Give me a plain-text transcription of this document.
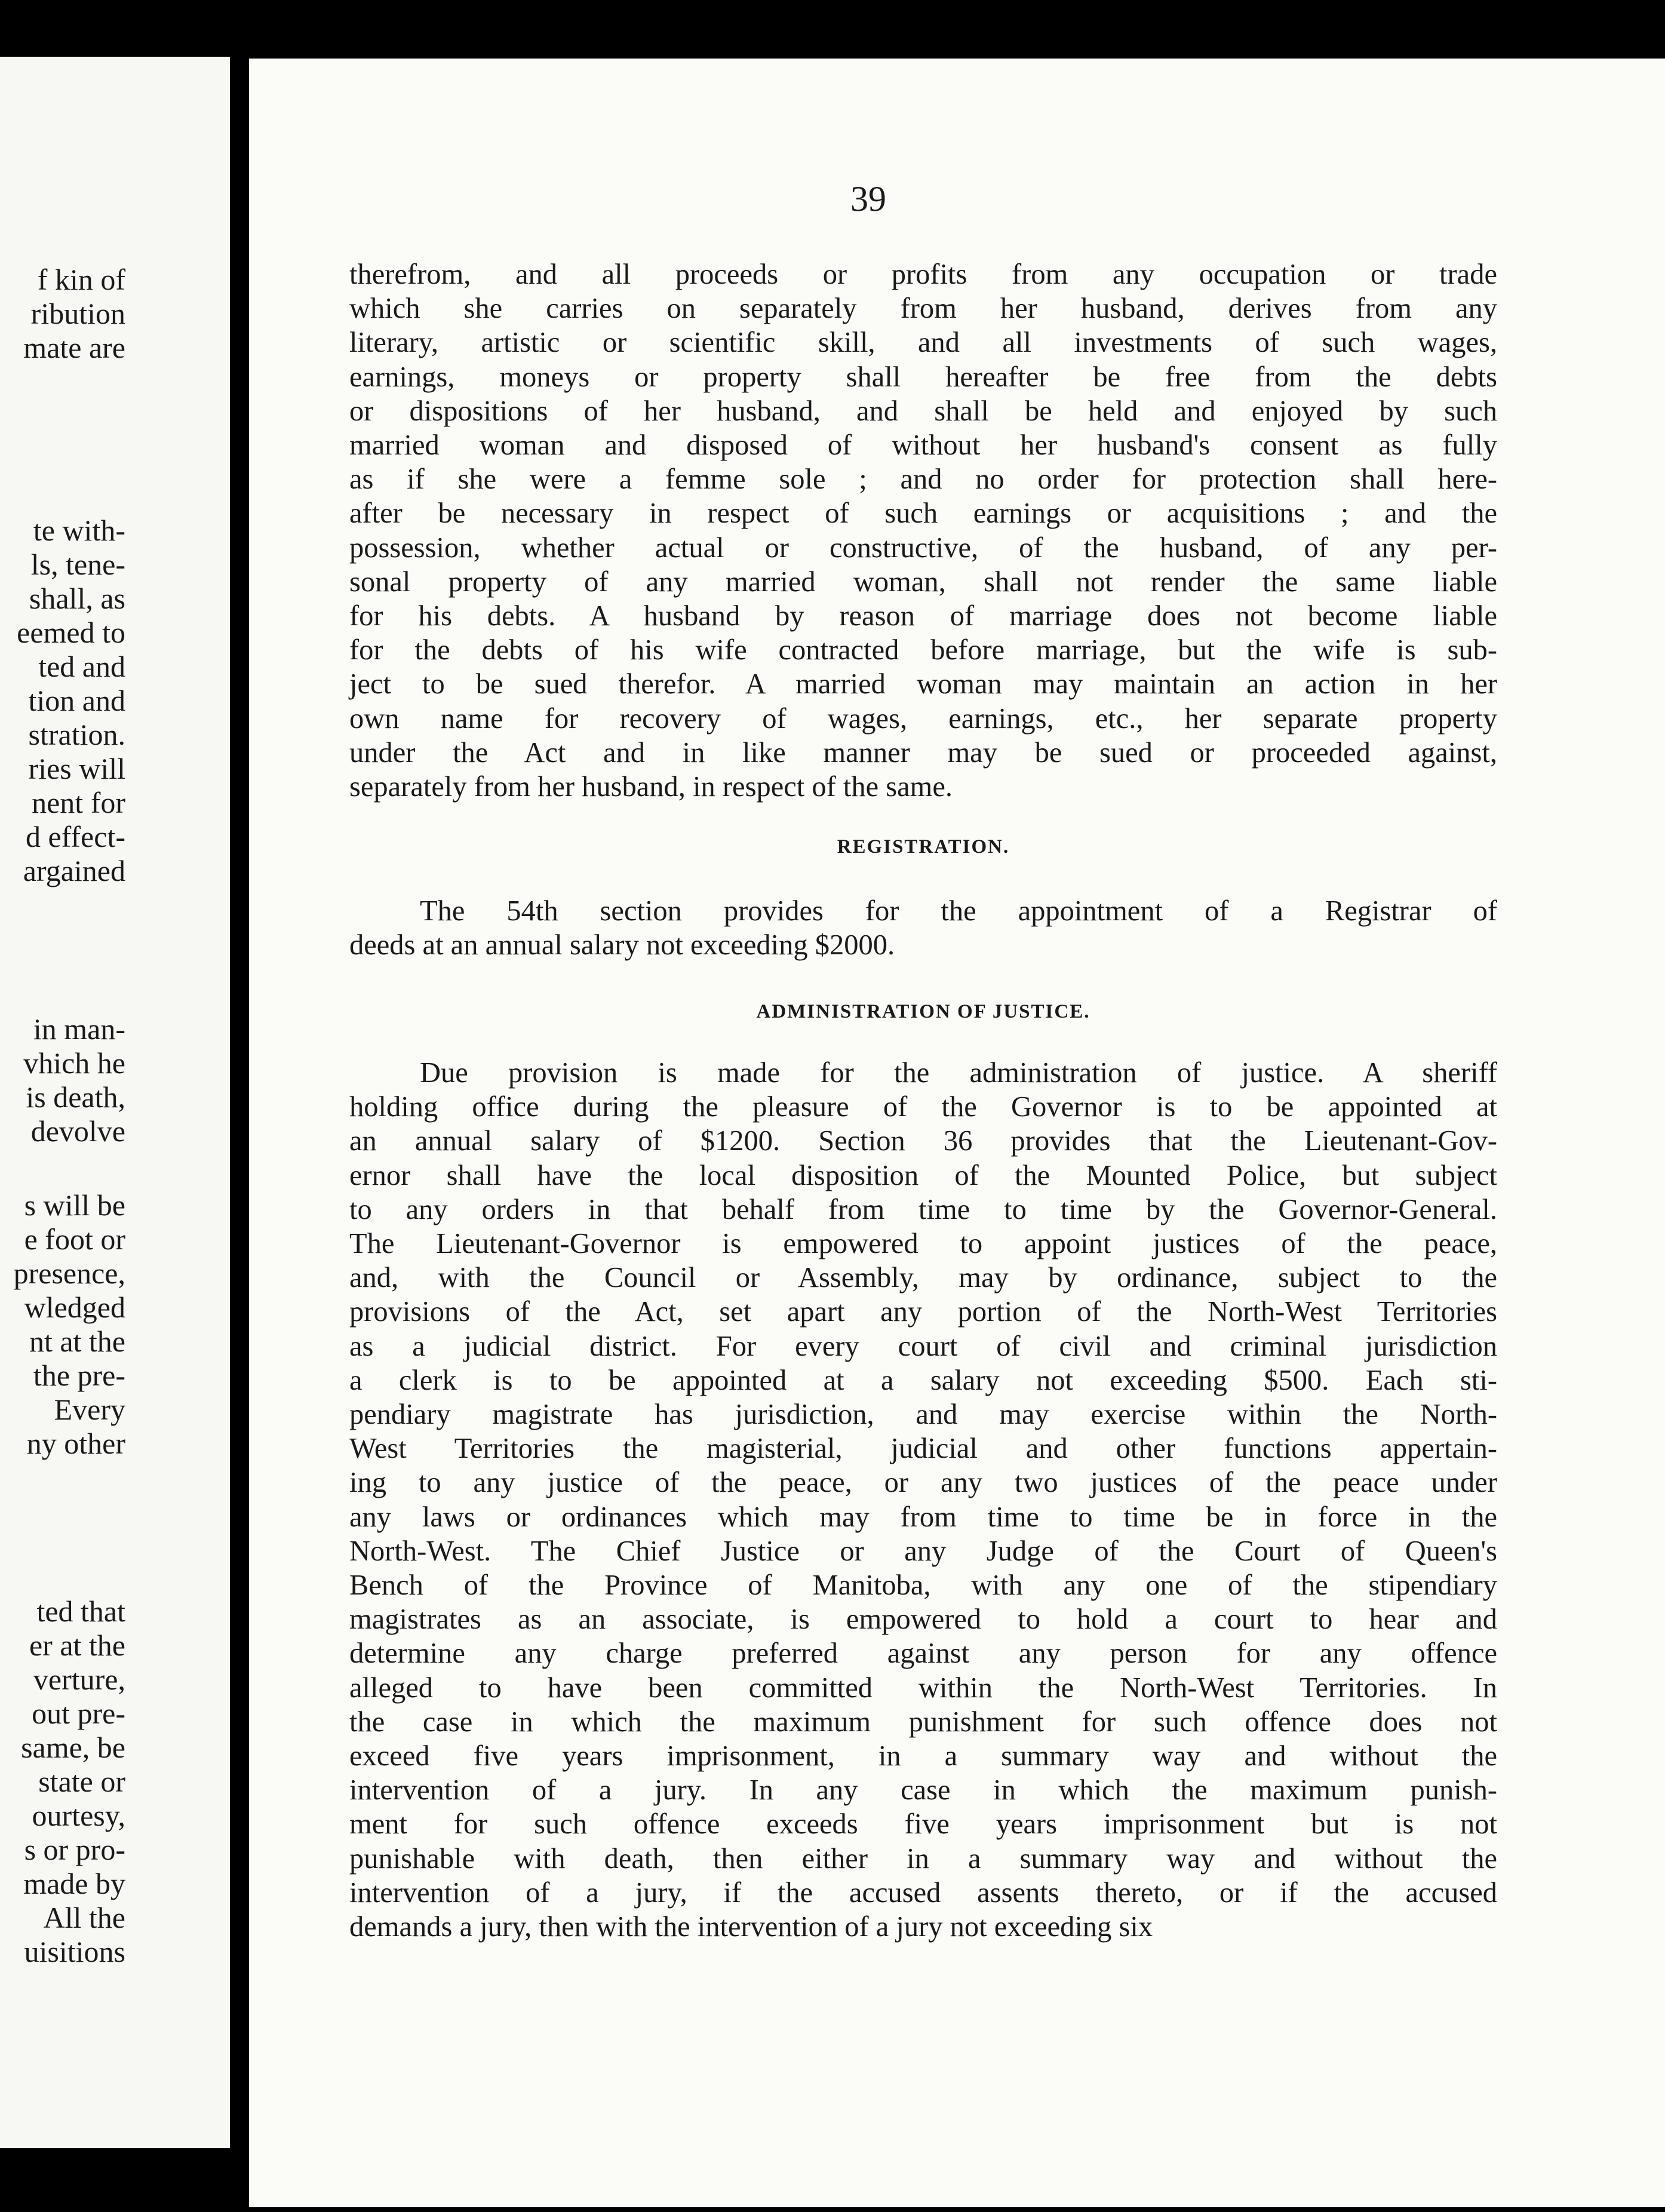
f kin of
ribution
mate are
te with-
ls, tene-
shall, as
eemed to
ted and
tion and
stration.
ries will
nent for
d effect-
argained
in man-
vhich he
is death,
devolve
s will be
e foot or
presence,
wledged
nt at the
the pre-
Every
ny other
ted that
er at the
verture,
out pre-
same, be
state or
ourtesy,
s or pro-
made by
All the
uisitions
39
therefrom, and all proceeds or profits from any occupation or trade
which she carries on separately from her husband, derives from any
literary, artistic or scientific skill, and all investments of such wages,
earnings, moneys or property shall hereafter be free from the debts
or dispositions of her husband, and shall be held and enjoyed by such
married woman and disposed of without her husband's consent as fully
as if she were a femme sole ; and no order for protection shall here-
after be necessary in respect of such earnings or acquisitions ; and the
possession, whether actual or constructive, of the husband, of any per-
sonal property of any married woman, shall not render the same liable
for his debts. A husband by reason of marriage does not become liable
for the debts of his wife contracted before marriage, but the wife is sub-
ject to be sued therefor. A married woman may maintain an action in her
own name for recovery of wages, earnings, etc., her separate property
under the Act and in like manner may be sued or proceeded against,
separately from her husband, in respect of the same.
REGISTRATION.
The 54th section provides for the appointment of a Registrar of
deeds at an annual salary not exceeding $2000.
ADMINISTRATION OF JUSTICE.
Due provision is made for the administration of justice. A sheriff
holding office during the pleasure of the Governor is to be appointed at
an annual salary of $1200. Section 36 provides that the Lieutenant-Gov-
ernor shall have the local disposition of the Mounted Police, but subject
to any orders in that behalf from time to time by the Governor-General.
The Lieutenant-Governor is empowered to appoint justices of the peace,
and, with the Council or Assembly, may by ordinance, subject to the
provisions of the Act, set apart any portion of the North-West Territories
as a judicial district. For every court of civil and criminal jurisdiction
a clerk is to be appointed at a salary not exceeding $500. Each sti-
pendiary magistrate has jurisdiction, and may exercise within the North-
West Territories the magisterial, judicial and other functions appertain-
ing to any justice of the peace, or any two justices of the peace under
any laws or ordinances which may from time to time be in force in the
North-West. The Chief Justice or any Judge of the Court of Queen's
Bench of the Province of Manitoba, with any one of the stipendiary
magistrates as an associate, is empowered to hold a court to hear and
determine any charge preferred against any person for any offence
alleged to have been committed within the North-West Territories. In
the case in which the maximum punishment for such offence does not
exceed five years imprisonment, in a summary way and without the
intervention of a jury. In any case in which the maximum punish-
ment for such offence exceeds five years imprisonment but is not
punishable with death, then either in a summary way and without the
intervention of a jury, if the accused assents thereto, or if the accused
demands a jury, then with the intervention of a jury not exceeding six
